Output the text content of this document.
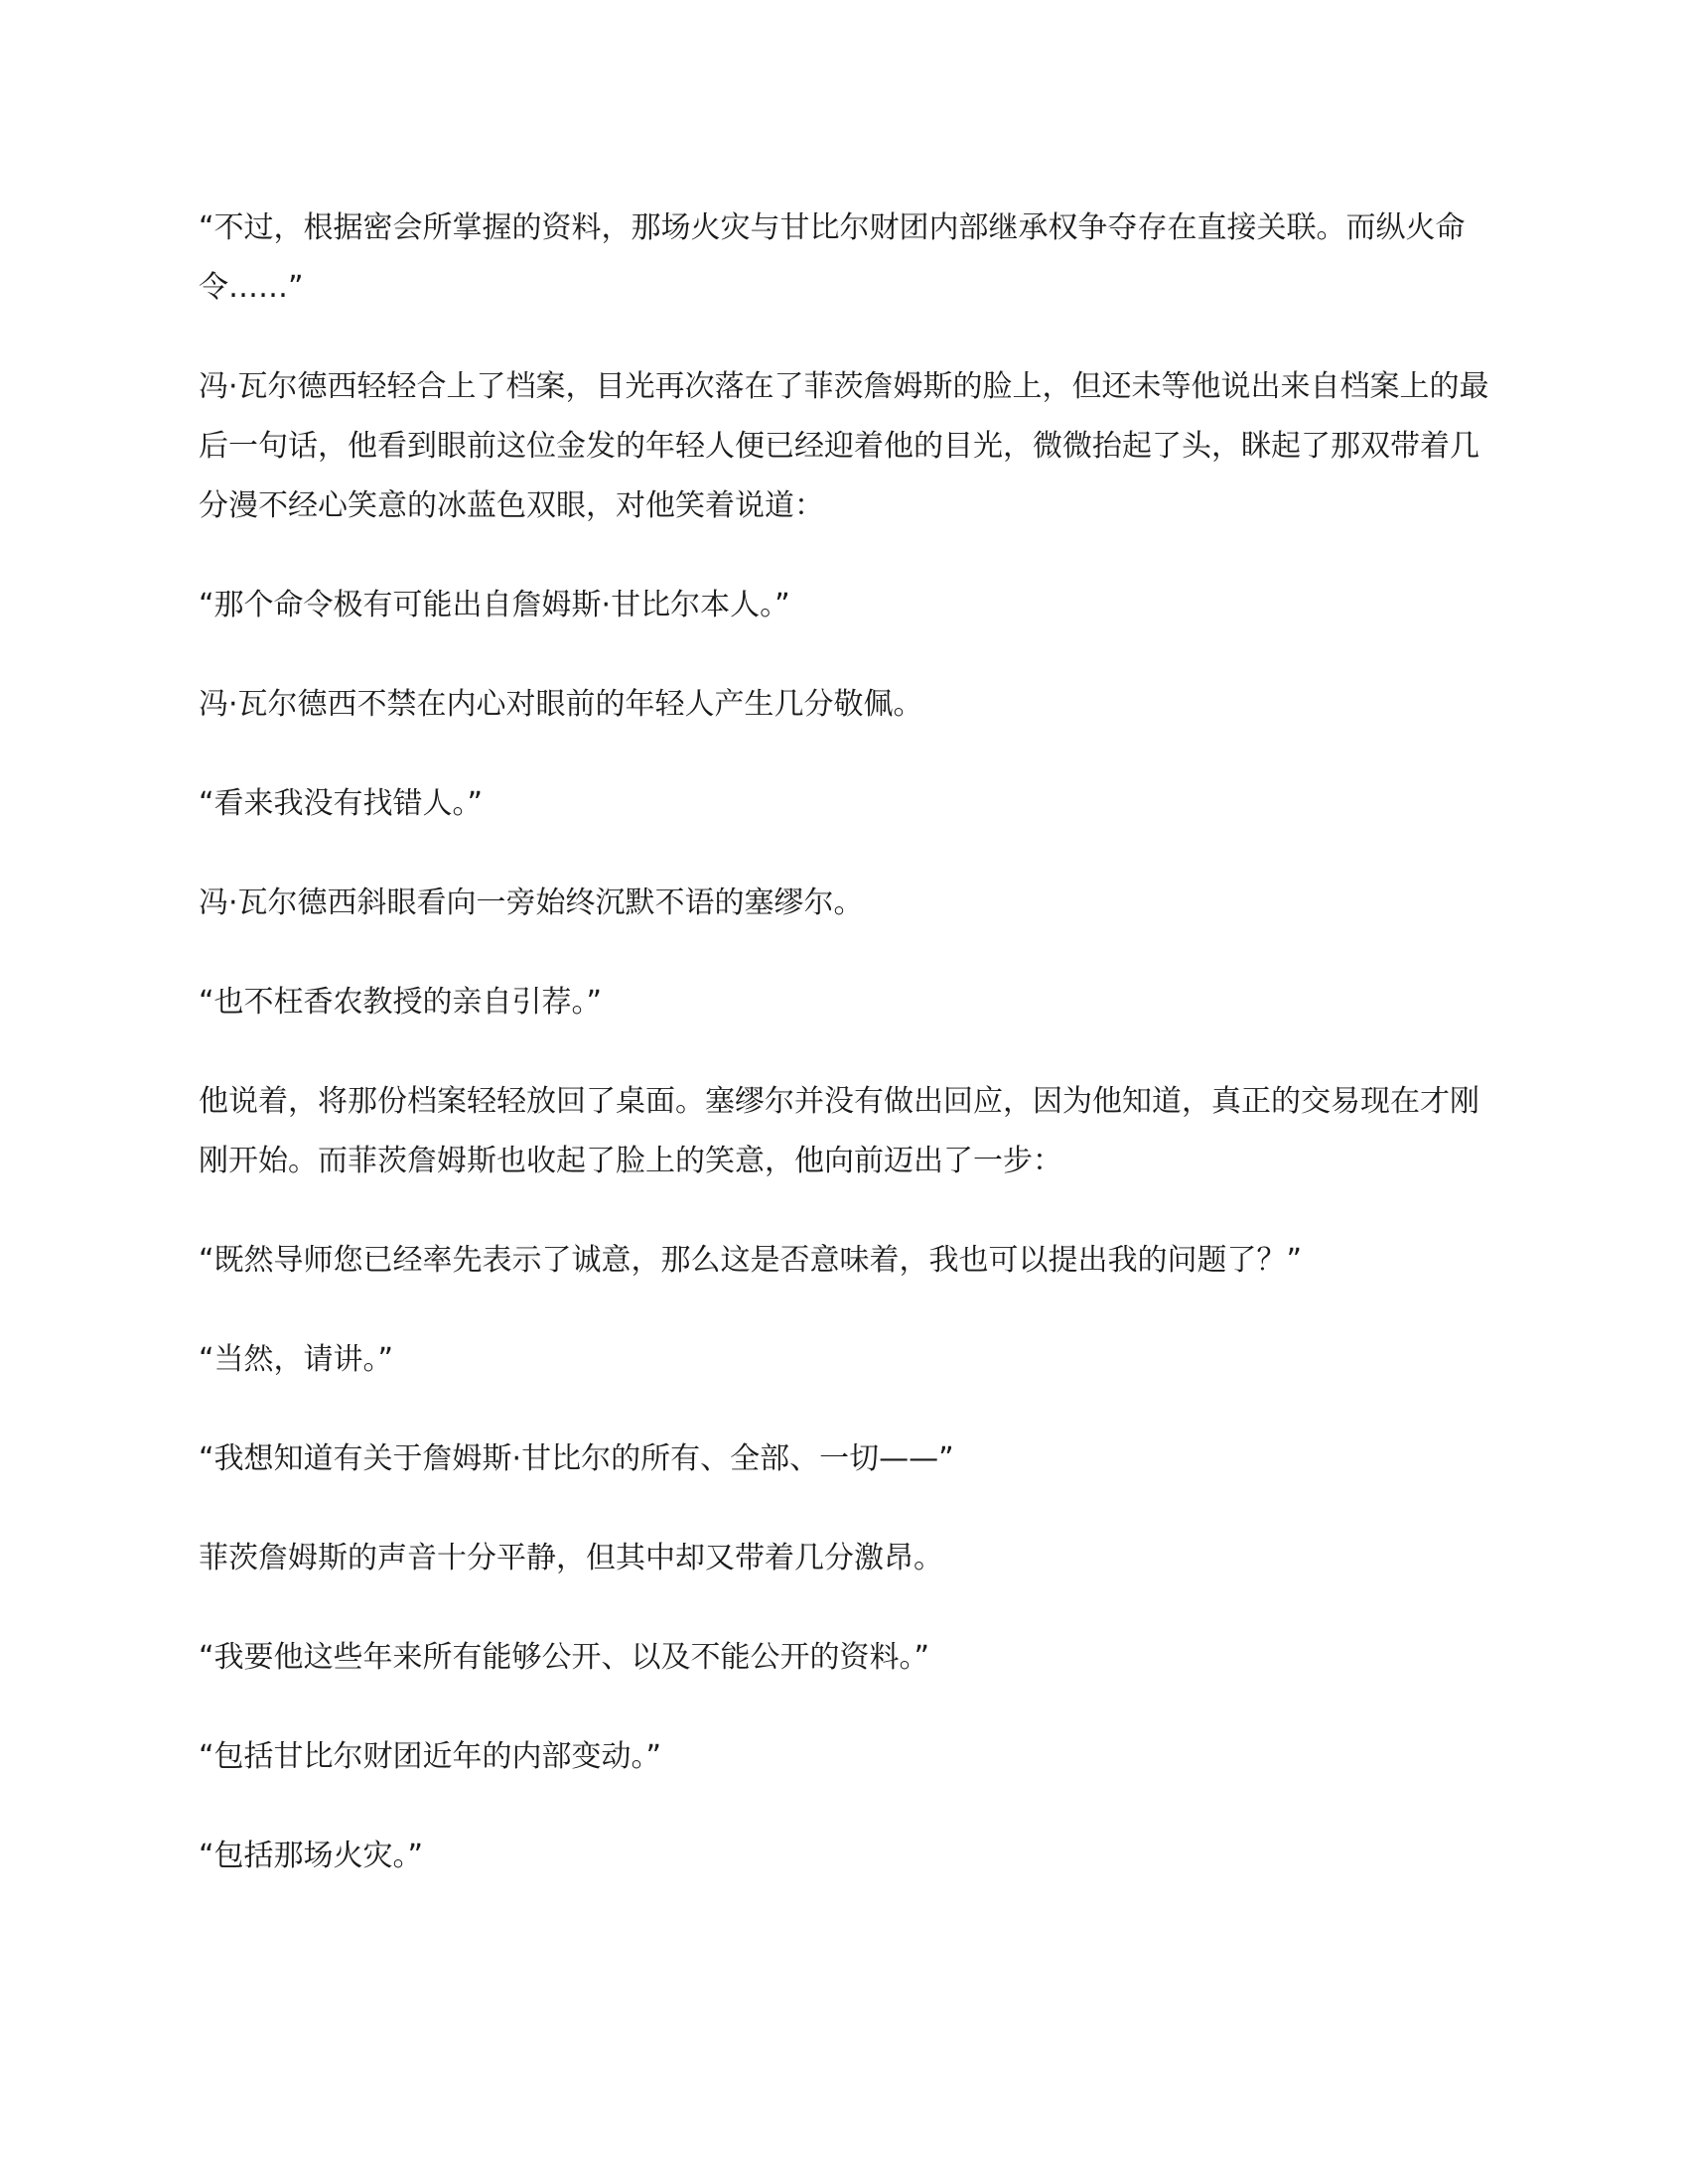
“不过，根据密会所掌握的资料，那场火灾与甘比尔财团内部继承权争夺存在直接关联。而纵火命令……”

冯·瓦尔德西轻轻合上了档案，目光再次落在了菲茨詹姆斯的脸上，但还未等他说出来自档案上的最后一句话，他看到眼前这位金发的年轻人便已经迎着他的目光，微微抬起了头，眯起了那双带着几分漫不经心笑意的冰蓝色双眼，对他笑着说道：

“那个命令极有可能出自詹姆斯·甘比尔本人。”

冯·瓦尔德西不禁在内心对眼前的年轻人产生几分敬佩。

“看来我没有找错人。”

冯·瓦尔德西斜眼看向一旁始终沉默不语的塞缪尔。

“也不枉香农教授的亲自引荐。”

他说着，将那份档案轻轻放回了桌面。塞缪尔并没有做出回应，因为他知道，真正的交易现在才刚刚开始。而菲茨詹姆斯也收起了脸上的笑意，他向前迈出了一步：

“既然导师您已经率先表示了诚意，那么这是否意味着，我也可以提出我的问题了？”

“当然，请讲。”

“我想知道有关于詹姆斯·甘比尔的所有、全部、一切——”

菲茨詹姆斯的声音十分平静，但其中却又带着几分激昂。

“我要他这些年来所有能够公开、以及不能公开的资料。”

“包括甘比尔财团近年的内部变动。”

“包括那场火灾。”
